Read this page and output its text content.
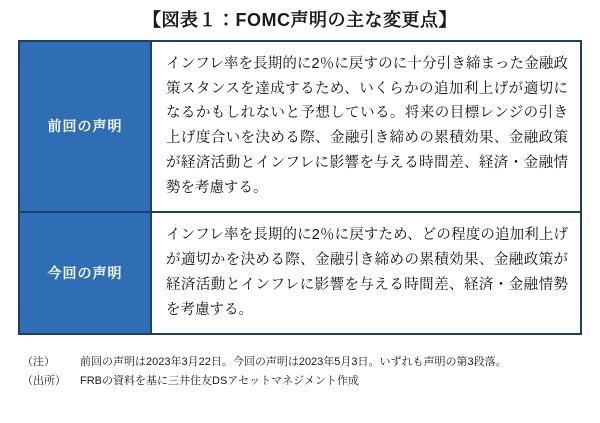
【図表１：FOMC声明の主な変更点】
前回の声明	インフレ率を長期的に2％に戻すのに十分引き締まった金融政策スタンスを達成するため、いくらかの追加利上げが適切になるかもしれないと予想している。将来の目標レンジの引き上げ度合いを決める際、金融引き締めの累積効果、金融政策が経済活動とインフレに影響を与える時間差、経済・金融情勢を考慮する。

今回の声明	インフレ率を長期的に2％に戻すため、どの程度の追加利上げが適切かを決める際、金融引き締めの累積効果、金融政策が経済活動とインフレに影響を与える時間差、経済・金融情勢を考慮する。
（注）	前回の声明は2023年3月22日。今回の声明は2023年5月3日。いずれも声明の第3段落。
（出所）	FRBの資料を基に三井住友DSアセットマネジメント作成
